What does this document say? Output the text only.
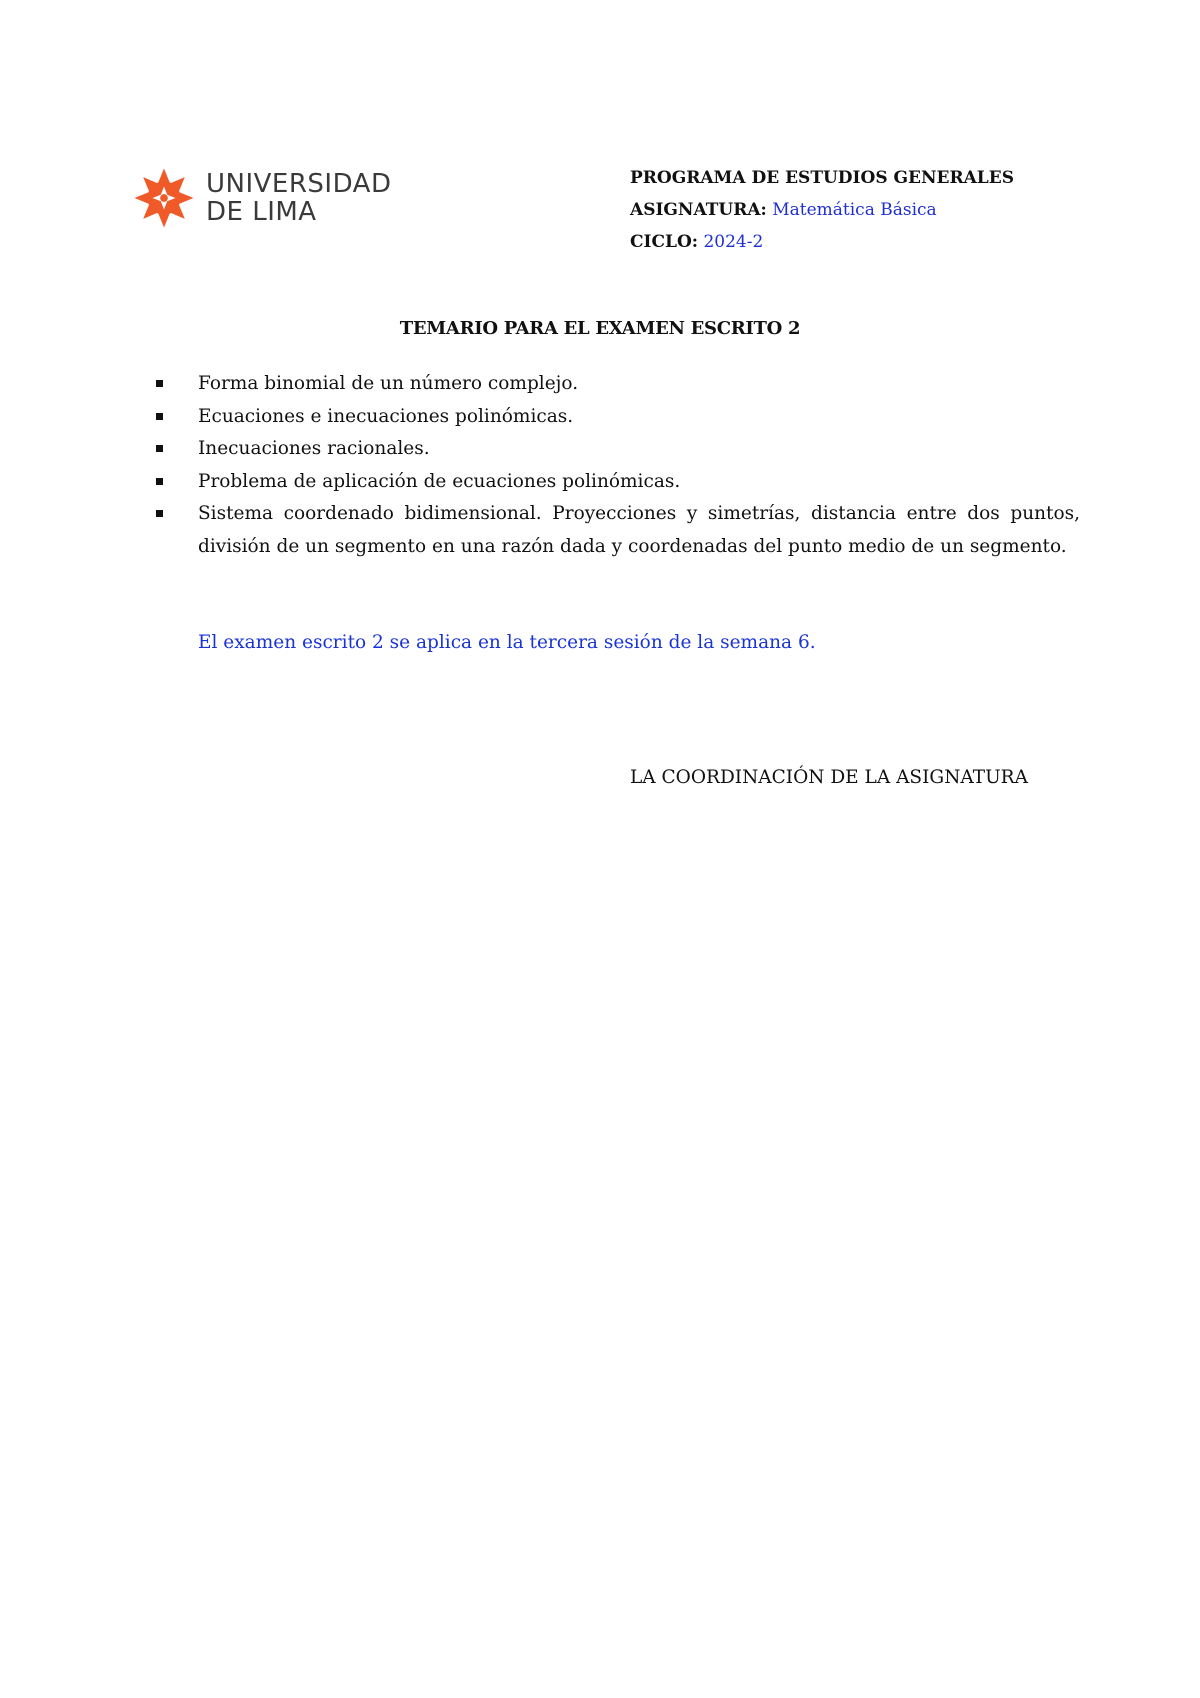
UNIVERSIDAD
DE LIMA
PROGRAMA DE ESTUDIOS GENERALES
ASIGNATURA: Matemática Básica
CICLO: 2024-2
TEMARIO PARA EL EXAMEN ESCRITO 2
Forma binomial de un número complejo.
Ecuaciones e inecuaciones polinómicas.
Inecuaciones racionales.
Problema de aplicación de ecuaciones polinómicas.
Sistema coordenado bidimensional. Proyecciones y simetrías, distancia entre dos puntos, división de un segmento en una razón dada y coordenadas del punto medio de un segmento.
El examen escrito 2 se aplica en la tercera sesión de la semana 6.
LA COORDINACIÓN DE LA ASIGNATURA
